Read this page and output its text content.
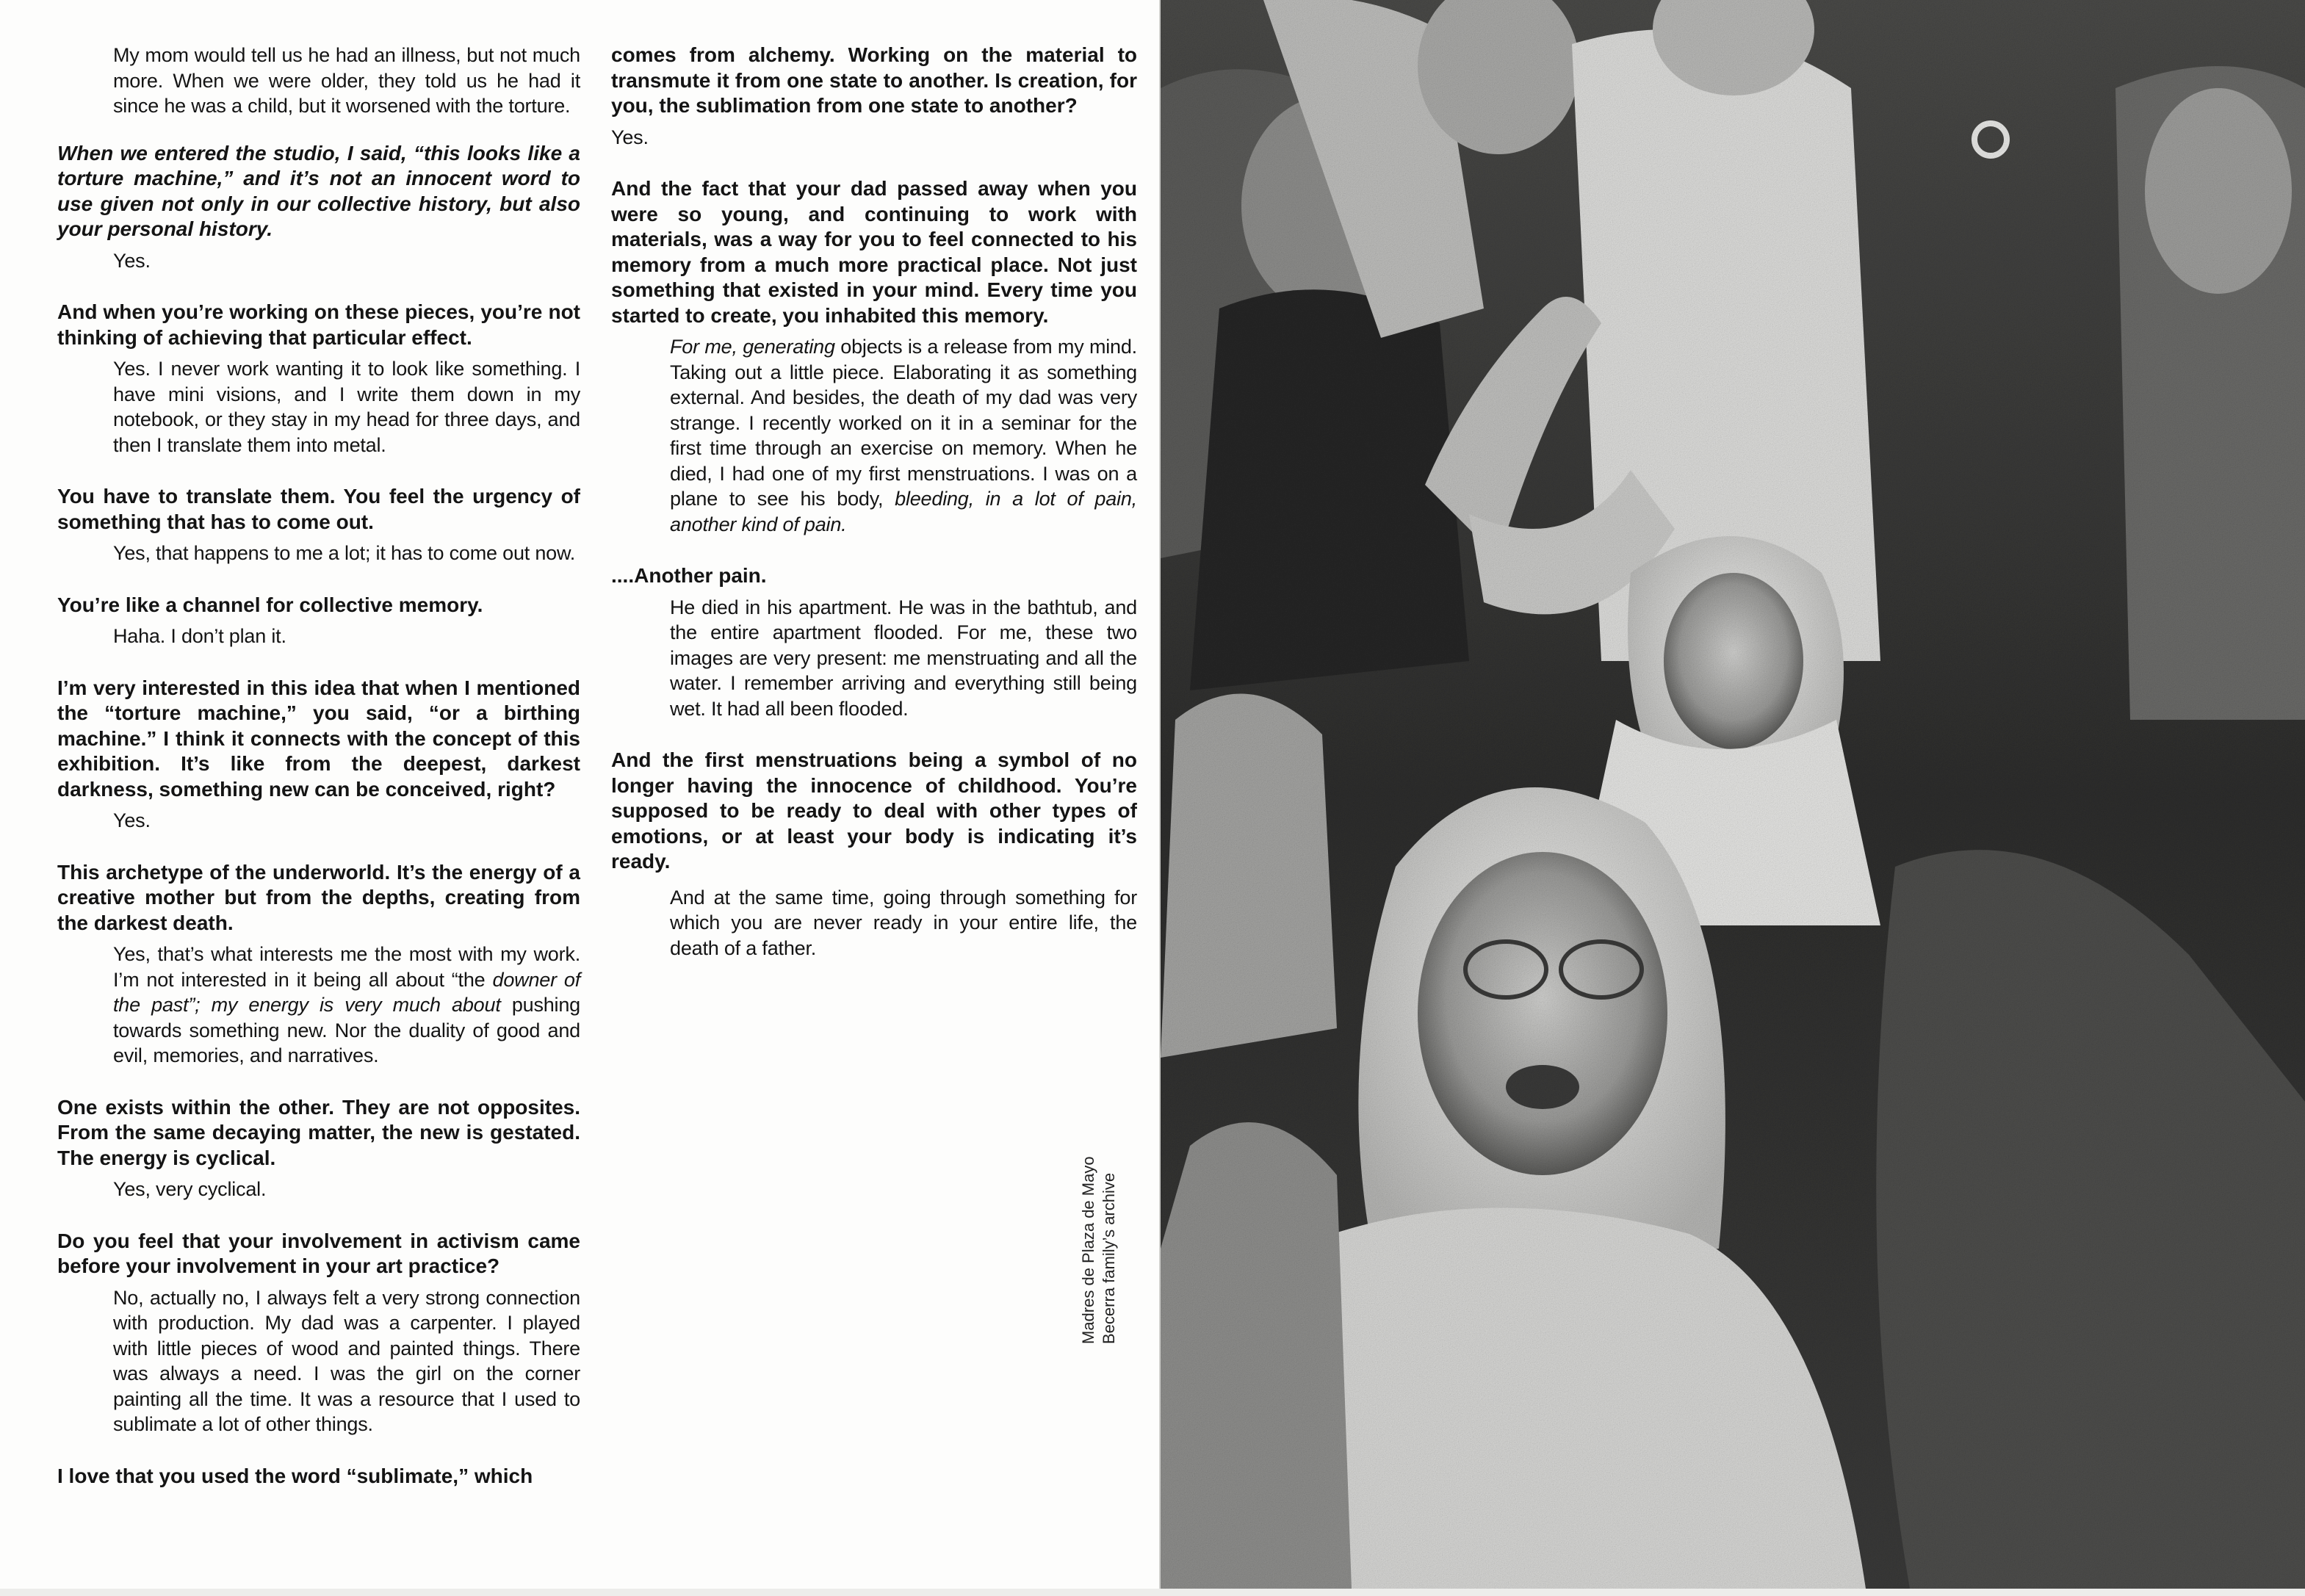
My mom would tell us he had an illness, but not much more. When we were older, they told us he had it since he was a child, but it worsened with the torture.

When we entered the studio, I said, “this looks like a torture machine,” and it’s not an innocent word to use given not only in our collective history, but also your personal history.

Yes.

And when you’re working on these pieces, you’re not thinking of achieving that particular effect.

Yes. I never work wanting it to look like something. I have mini visions, and I write them down in my notebook, or they stay in my head for three days, and then I translate them into metal.

You have to translate them. You feel the urgency of something that has to come out.

Yes, that happens to me a lot; it has to come out now.

You’re like a channel for collective memory.

Haha. I don’t plan it.

I’m very interested in this idea that when I mentioned the “torture machine,” you said, “or a birthing machine.” I think it connects with the concept of this exhibition. It’s like from the deepest, darkest darkness, something new can be conceived, right?

Yes.

This archetype of the underworld. It’s the energy of a creative mother but from the depths, creating from the darkest death.

Yes, that’s what interests me the most with my work. I’m not interested in it being all about “the downer of the past”; my energy is very much about pushing towards something new. Nor the duality of good and evil, memories, and narratives.

One exists within the other. They are not opposites. From the same decaying matter, the new is gestated. The energy is cyclical.

Yes, very cyclical.

Do you feel that your involvement in activism came before your involvement in your art practice?

No, actually no, I always felt a very strong connection with production. My dad was a carpenter. I played with little pieces of wood and painted things. There was always a need. I was the girl on the corner painting all the time. It was a resource that I used to sublimate a lot of other things.

I love that you used the word “sublimate,” which

comes from alchemy. Working on the material to transmute it from one state to another. Is creation, for you, the sublimation from one state to another?

Yes.

And the fact that your dad passed away when you were so young, and continuing to work with materials, was a way for you to feel connected to his memory from a much more practical place. Not just something that existed in your mind. Every time you started to create, you inhabited this memory.

For me, generating objects is a release from my mind. Taking out a little piece. Elaborating it as something external. And besides, the death of my dad was very strange. I recently worked on it in a seminar for the first time through an exercise on memory. When he died, I had one of my first menstruations. I was on a plane to see his body, bleeding, in a lot of pain, another kind of pain.

....Another pain.

He died in his apartment. He was in the bathtub, and the entire apartment flooded. For me, these two images are very present: me menstruating and all the water. I remember arriving and everything still being wet. It had all been flooded.

And the first menstruations being a symbol of no longer having the innocence of childhood. You’re supposed to be ready to deal with other types of emotions, or at least your body is indicating it’s ready.

And at the same time, going through something for which you are never ready in your entire life, the death of a father.

Madres de Plaza de Mayo Becerra family’s archive
